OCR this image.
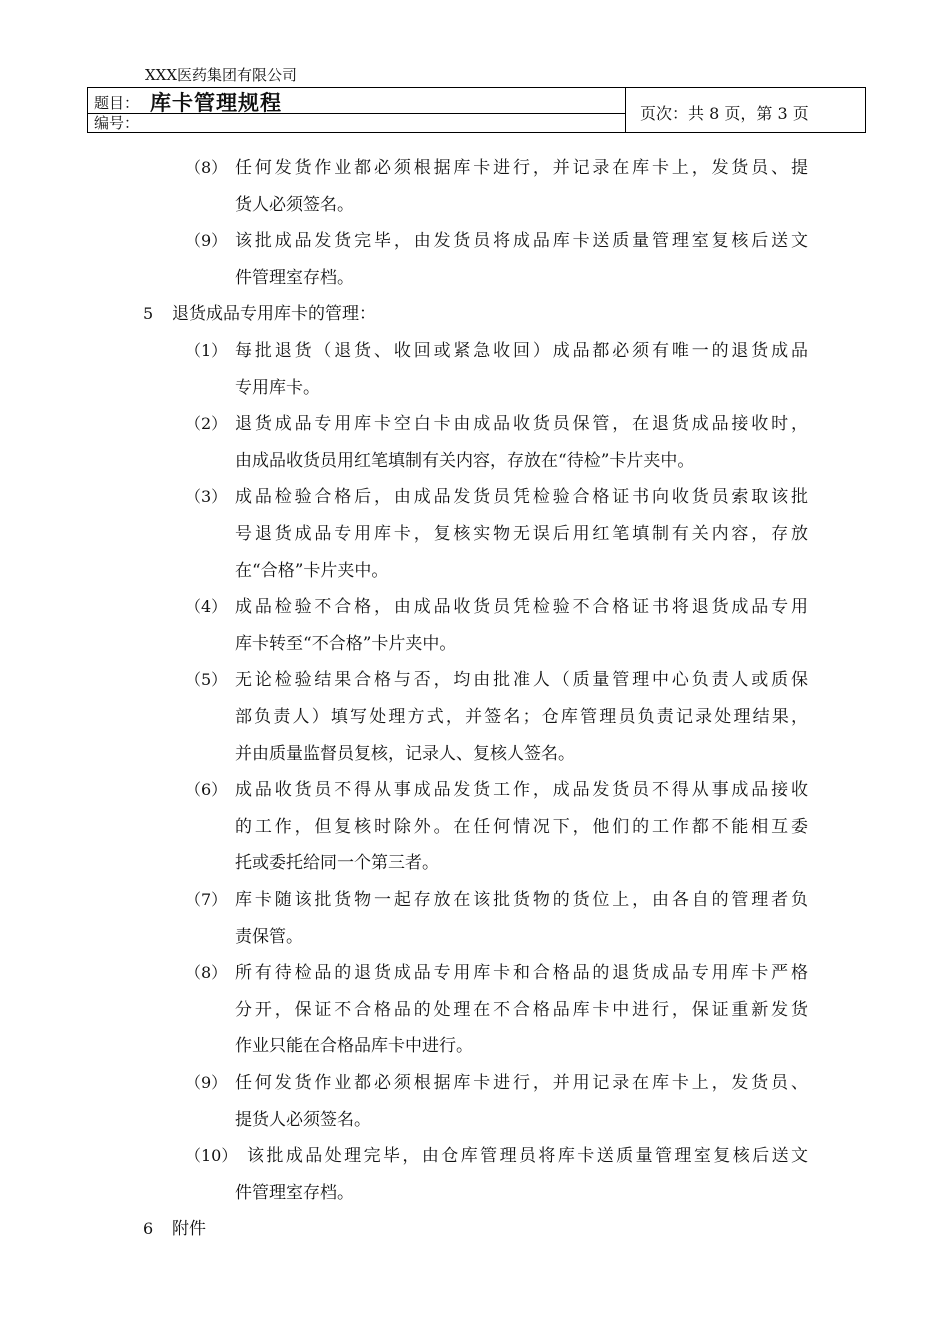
XXX医药集团有限公司
题目： 库卡管理规程
编号：	页次：共 8 页，第 3 页
（8） 任何发货作业都必须根据库卡进行，并记录在库卡上，发货员、提
货人必须签名。
（9） 该批成品发货完毕，由发货员将成品库卡送质量管理室复核后送文
件管理室存档。
5 退货成品专用库卡的管理：
（1） 每批退货（退货、收回或紧急收回）成品都必须有唯一的退货成品
专用库卡。
（2） 退货成品专用库卡空白卡由成品收货员保管，在退货成品接收时，
由成品收货员用红笔填制有关内容，存放在“待检”卡片夹中。
（3） 成品检验合格后，由成品发货员凭检验合格证书向收货员索取该批
号退货成品专用库卡，复核实物无误后用红笔填制有关内容，存放
在“合格”卡片夹中。
（4） 成品检验不合格，由成品收货员凭检验不合格证书将退货成品专用
库卡转至“不合格”卡片夹中。
（5） 无论检验结果合格与否，均由批准人（质量管理中心负责人或质保
部负责人）填写处理方式，并签名；仓库管理员负责记录处理结果，
并由质量监督员复核，记录人、复核人签名。
（6） 成品收货员不得从事成品发货工作，成品发货员不得从事成品接收
的工作，但复核时除外。在任何情况下，他们的工作都不能相互委
托或委托给同一个第三者。
（7） 库卡随该批货物一起存放在该批货物的货位上，由各自的管理者负
责保管。
（8） 所有待检品的退货成品专用库卡和合格品的退货成品专用库卡严格
分开，保证不合格品的处理在不合格品库卡中进行，保证重新发货
作业只能在合格品库卡中进行。
（9） 任何发货作业都必须根据库卡进行，并用记录在库卡上，发货员、
提货人必须签名。
（10） 该批成品处理完毕，由仓库管理员将库卡送质量管理室复核后送文
件管理室存档。
6 附件
